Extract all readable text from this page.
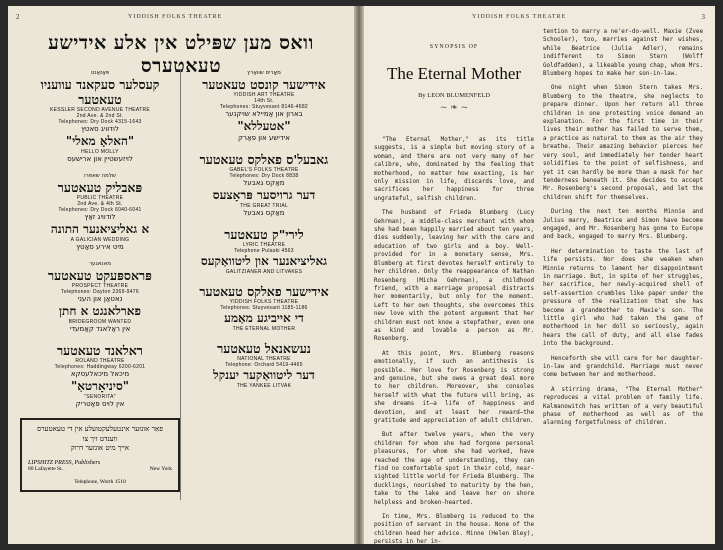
2	YIDDISH FOLKS THEATRE
וואס מען שפּילט אין אלע אידישע טעאטערס
פּאַזאַנט
קעסלער סעקאנד עוועניו טעאטער
KESSLER SECOND AVENUE THEATRE
2nd Ave. & 2nd St.
Telephones: Dry Dock 4315-1643
לודוויג סאטץ
"האלאָ מאלי"
HELLO MOLLY
לויזעשטיין און ארישעס
שלמה שאפרו
פּאבליק טעאטער
PUBLIC THEATRE
2nd Ave. & 4th St.
Telephones: Dry Dock 6040-6041
לודוויג זאַץ
א גאליציאנער התונה
A GALICIAN WEDDING
מיט אירע סאַטץ
מאנאגער
פּראספּעקט טעאטער
PROSPECT THEATRE
Telephones: Dayton 2369-9476
נאטאַן און העני
פארלאנגט א חתן
BRIDEGROOM WANTED
אין ראַלאנד קאַמעדי
ראלאנד טעאטער
ROLAND THEATRE
Telephones: Haddingway 6200-6201
מיכאל מיכאלעסקא
"סיניאָרטאַ"
"SENORITA"
אין לויס פּאַטריק
פאַר אונזער אינטעלעקטועלע אין די טעאטערס
ווענדט זיך צו
אייך מיט אונזער דרוק
LIPSHITZ PRESS, Publishers
80 Lafayette St.	New York
Telephone, Worth 1510
מאָריס שוואַרץ
אידישער קונסט טעאטער
YIDDISH ART THEATRE
14th St.
Telephones: Stuyvesant 8146-4682
בארון און אַמיילא שויקנער
"אטעללא"
אידישע און פּאַרק
גאבעל'ס פאלקס טעאטער
GABEL'S FOLKS THEATRE
Telephones: Dry Dock 8838
מאַקס גאבעל
דער גרויסער פּראָצעס
THE GREAT TRIAL
מאַקס גאבעל
לירי"ק טעאטער
LYRIC THEATRE
Telephone Pulaski 4563
גאליציאנער און ליטוואַקעס
GALITZIANER AND LITVAKES
אידישער פאלקס טעאטער
YIDDISH FOLKS THEATRE
Telephones: Stuyvesant 1185-1186
די אייביגע מאַמע
THE ETERNAL MOTHER
נעשאנאל טעאטער
NATIONAL THEATRE
Telephone: Orchard 5419-4465
דער ליטוואַקער יענקל
THE YANKEE LITVAK
YIDDISH FOLKS THEATRE	3
SYNOPSIS OF
The Eternal Mother
By LEON BLUMENFELD
~ ❧ ~

"The Eternal Mother," as its title suggests, is a simple but moving story of a woman, and there are not very many of her calibre, who, dominated by the feeling that motherhood, no matter how exacting, is her only mission in life, discards love, and sacrifices her happiness for three ungrateful, selfish children.

The husband of Frieda Blumberg (Lucy Gehrman), a middle-class merchant with whom she had been happily married about ten years, dies suddenly, leaving her with the care and education of two girls and a boy. Well-provided for in a monetary sense, Mrs. Blumberg at first devotes herself entirely to her children. Only the reappearance of Nathan Rosenberg (Micha Gehrman), a childhood friend, with a marriage proposal distracts her momentarily, but only for the moment. Left to her own thoughts, she overcomes this new love with the potent argument that her children must not know a stepfather, even one as kind and lovable a person as Mr. Rosenberg.

At this point, Mrs. Blumberg reasons emotionally, if such an antithesis is possible. Her love for Rosenberg is strong and genuine, but she owes a great deal more to her children. Moreover, she consoles herself with what the future will bring, as she dreams it—a life of happiness and devotion, and at least her reward—the gratitude and appreciation of adult children.

But after twelve years, when the very children for whom she had forgone personal pleasures, for whom she had worked, have reached the age of understanding, they can find no comfortable spot in their cold, near-sighted little world for Frieda Blumberg. The ducklings, nourished to maturity by the hen, take to the lake and leave her on shore helpless and broken-hearted.

In time, Mrs. Blumberg is reduced to the position of servant in the house. None of the children heed her advice. Minne (Helen Bley), persists in her in-

tention to marry a ne'er-do-well. Maxie (Zvee Schooler), too, marries against her wishes, while Beatrice (Julia Adler), remains indifferent to Simon Stern (Wolff Goldfadden), a likeable young chap, whom Mrs. Blumberg hopes to make her son-in-law.

One night when Simon Stern takes Mrs. Blumberg to the theatre, she neglects to prepare dinner. Upon her return all three children in one protesting voice demand an explanation. For the first time in their lives their mother has failed to serve them, a practice as natural to them as the air they breathe. Their amazing behavior pierces her very soul, and immediately her tender heart solidifies to the point of selfishness, and yet it can hardly be more than a mask for her tenderness beneath it. She decides to accept Mr. Rosenberg's second proposal, and let the children shift for themselves.

During the next ten months Minnie and Julius marry, Beatrice and Simon have become engaged, and Mr. Rosenberg has gone to Europe and back, engaged to marry Mrs. Blumberg.

Her determination to taste the last of life persists. Nor does she weaken when Minnie returns to lament her disappointment in marriage. But, in spite of her struggles, her sacrifice, her newly-acquired shell of self-assertion crumbles like paper under the pressure of the realization that she has become a grandmother to Maxie's son. The little girl who had taken the game of motherhood in her doll so seriously, again hears the call of duty, and all else fades into the background.

Henceforth she will care for her daughter-in-law and grandchild. Marriage must never come between her and motherhood.

A stirring drama, "The Eternal Mother" reproduces a vital problem of family life. Kalmanowitch has written of a very beautiful phase of motherhood as well as of the alarming forgetfulness of children.
